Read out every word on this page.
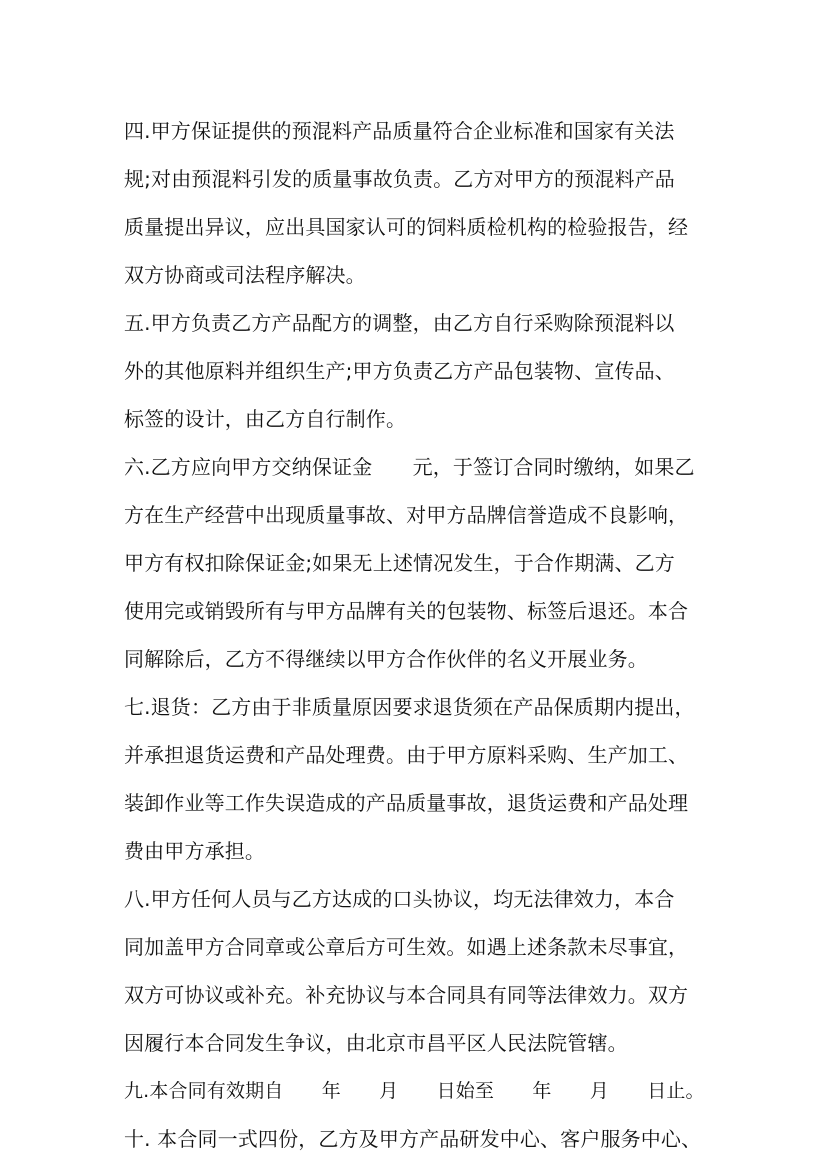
四.甲方保证提供的预混料产品质量符合企业标准和国家有关法
规;对由预混料引发的质量事故负责。乙方对甲方的预混料产品
质量提出异议，应出具国家认可的饲料质检机构的检验报告，经
双方协商或司法程序解决。
五.甲方负责乙方产品配方的调整，由乙方自行采购除预混料以
外的其他原料并组织生产;甲方负责乙方产品包装物、宣传品、
标签的设计，由乙方自行制作。
六.乙方应向甲方交纳保证金　　元，于签订合同时缴纳，如果乙
方在生产经营中出现质量事故、对甲方品牌信誉造成不良影响，
甲方有权扣除保证金;如果无上述情况发生，于合作期满、乙方
使用完或销毁所有与甲方品牌有关的包装物、标签后退还。本合
同解除后，乙方不得继续以甲方合作伙伴的名义开展业务。
七.退货：乙方由于非质量原因要求退货须在产品保质期内提出，
并承担退货运费和产品处理费。由于甲方原料采购、生产加工、
装卸作业等工作失误造成的产品质量事故，退货运费和产品处理
费由甲方承担。
八.甲方任何人员与乙方达成的口头协议，均无法律效力，本合
同加盖甲方合同章或公章后方可生效。如遇上述条款未尽事宜，
双方可协议或补充。补充协议与本合同具有同等法律效力。双方
因履行本合同发生争议，由北京市昌平区人民法院管辖。
九.本合同有效期自　　年　　月　　日始至　　年　　月　　日止。
十. 本合同一式四份，乙方及甲方产品研发中心、客户服务中心、
